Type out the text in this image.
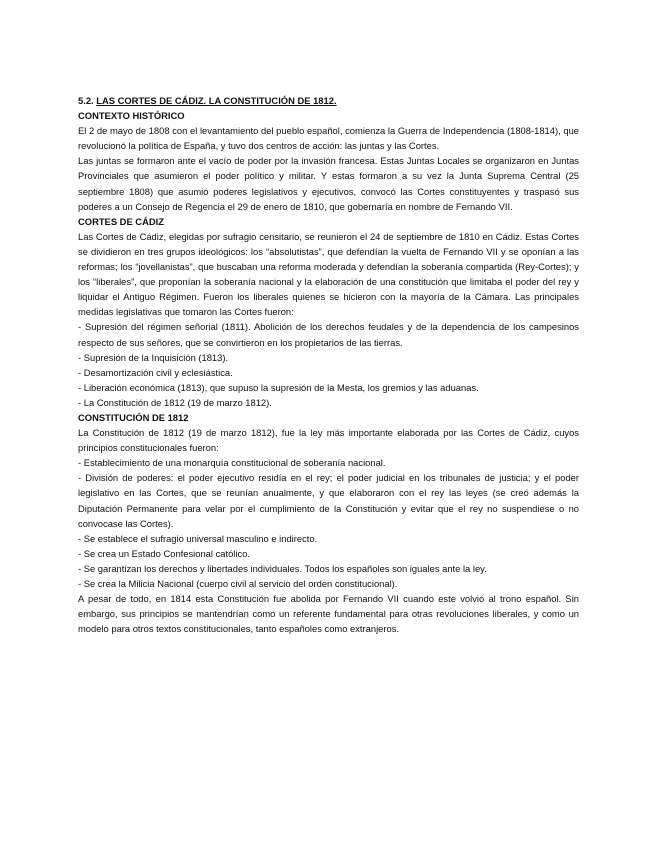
5.2. LAS CORTES DE CÁDIZ. LA CONSTITUCIÓN DE 1812.

CONTEXTO HISTÓRICO

El 2 de mayo de 1808 con el levantamiento del pueblo español, comienza la Guerra de Independencia (1808-1814), que revolucionó la política de España, y tuvo dos centros de acción: las juntas y las Cortes.

Las juntas se formaron ante el vacío de poder por la invasión francesa. Estas Juntas Locales se organizaron en Juntas Provinciales que asumieron el poder político y militar. Y estas formaron a su vez la Junta Suprema Central (25 septiembre 1808) que asumió poderes legislativos y ejecutivos, convocó las Cortes constituyentes y traspasó sus poderes a un Consejo de Regencia el 29 de enero de 1810, que gobernaría en nombre de Fernando VII.

CORTES DE CÁDIZ

Las Cortes de Cádiz, elegidas por sufragio censitario, se reunieron el 24 de septiembre de 1810 en Cádiz. Estas Cortes se dividieron en tres grupos ideológicos: los “absolutistas”, que defendían la vuelta de Fernando VII y se oponían a las reformas; los “jovellanistas”, que buscaban una reforma moderada y defendían la soberanía compartida (Rey-Cortes); y los “liberales”, que proponían la soberanía nacional y la elaboración de una constitución que limitaba el poder del rey y liquidar el Antiguo Régimen. Fueron los liberales quienes se hicieron con la mayoría de la Cámara. Las principales medidas legislativas que tomaron las Cortes fueron:

- Supresión del régimen señorial (1811). Abolición de los derechos feudales y de la dependencia de los campesinos respecto de sus señores, que se convirtieron en los propietarios de las tierras.

- Supresión de la Inquisición (1813).

- Desamortización civil y eclesiástica.

- Liberación económica (1813), que supuso la supresión de la Mesta, los gremios y las aduanas.

- La Constitución de 1812 (19 de marzo 1812).

CONSTITUCIÓN DE 1812

La Constitución de 1812 (19 de marzo 1812), fue la ley más importante elaborada por las Cortes de Cádiz, cuyos principios constitucionales fueron:

- Establecimiento de una monarquía constitucional de soberanía nacional.

- División de poderes: el poder ejecutivo residía en el rey; el poder judicial en los tribunales de justicia; y el poder legislativo en las Cortes, que se reunían anualmente, y que elaboraron con el rey las leyes (se creó además la Diputación Permanente para velar por el cumplimiento de la Constitución y evitar que el rey no suspendiese o no convocase las Cortes).

- Se establece el sufragio universal masculino e indirecto.

- Se crea un Estado Confesional católico.

- Se garantizan los derechos y libertades individuales. Todos los españoles son iguales ante la ley.

- Se crea la Milicia Nacional (cuerpo civil al servicio del orden constitucional).

A pesar de todo, en 1814 esta Constitución fue abolida por Fernando VII cuando este volvió al trono español. Sin embargo, sus principios se mantendrían como un referente fundamental para otras revoluciones liberales, y como un modelo para otros textos constitucionales, tanto españoles como extranjeros.
